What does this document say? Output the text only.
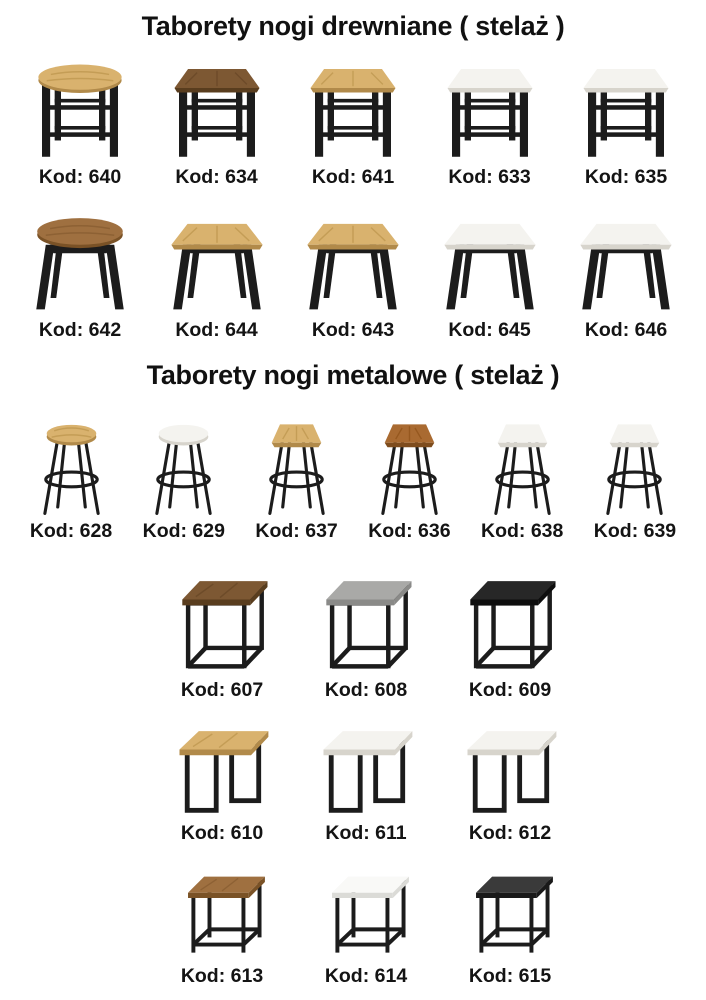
Taborety nogi drewniane ( stelaż )
Kod: 640	Kod: 634	Kod: 641	Kod: 633	Kod: 635
Kod: 642	Kod: 644	Kod: 643	Kod: 645	Kod: 646
Taborety nogi metalowe ( stelaż )
Kod: 628 Kod: 629 Kod: 637 Kod: 636 Kod: 638 Kod: 639
Kod: 607	Kod: 608	Kod: 609
Kod: 610	Kod: 611	Kod: 612
Kod: 613	Kod: 614	Kod: 615
